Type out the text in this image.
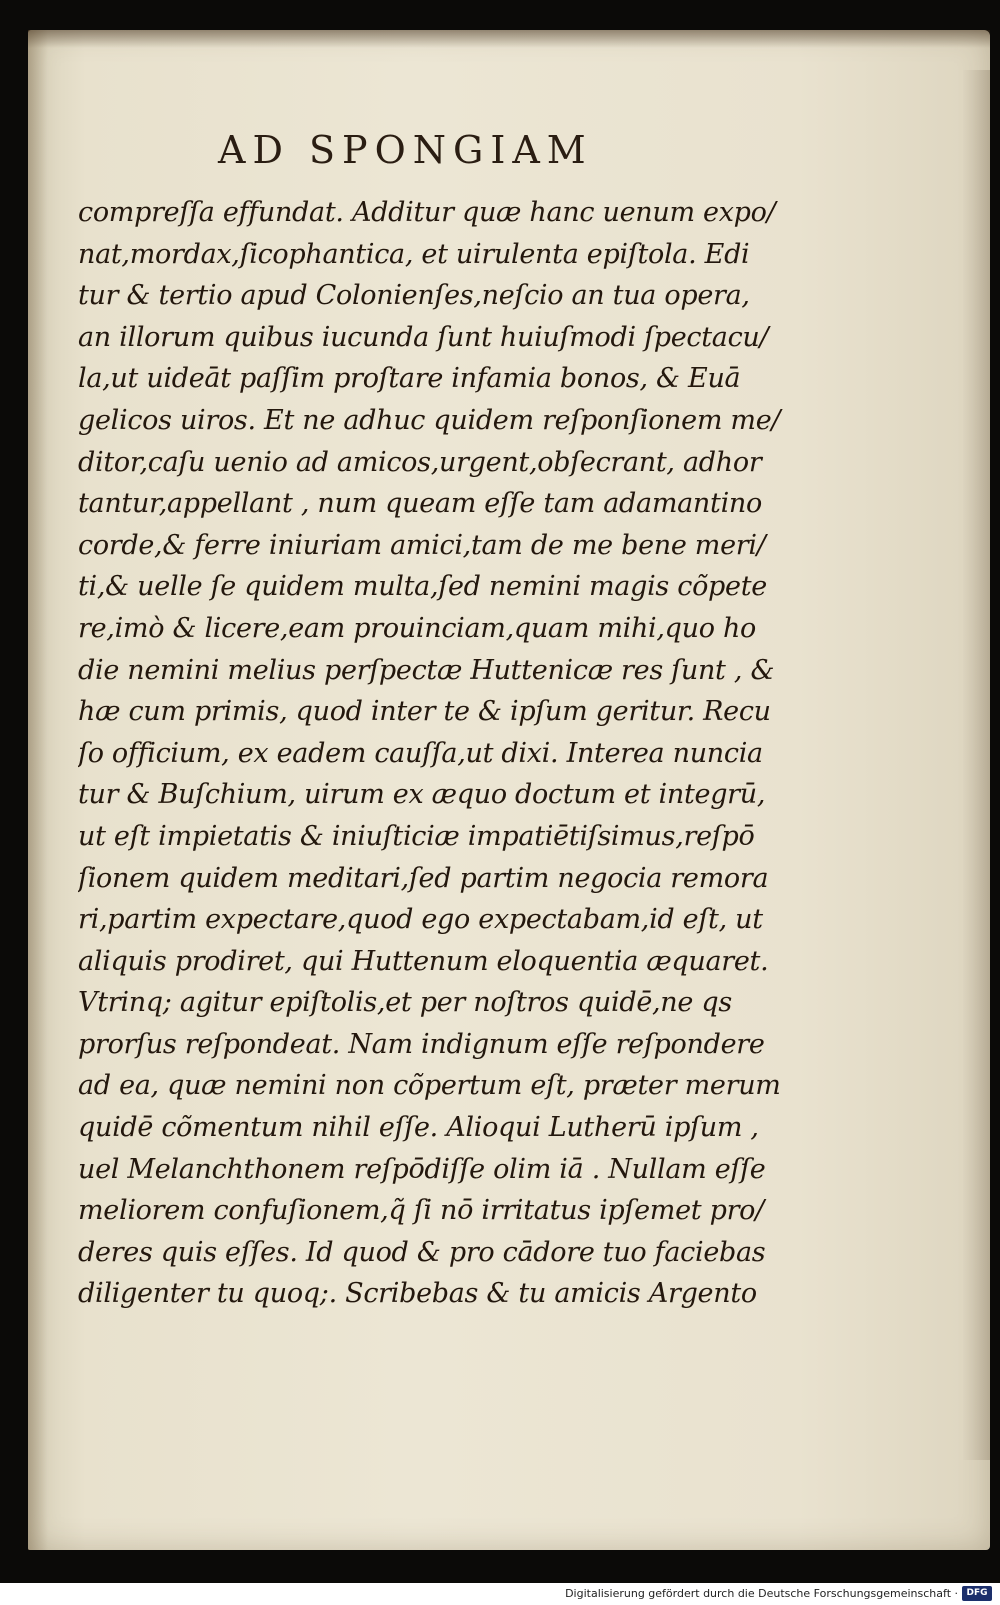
AD SPONGIAM
compreſſa effundat. Additur quæ hanc uenum expo/
nat,mordax,ſicophantica, et uirulenta epiſtola. Edi
tur & tertio apud Colonienſes,neſcio an tua opera,
an illorum quibus iucunda ſunt huiuſmodi ſpectacu/
la,ut uideāt paſſim proſtare infamia bonos, & Euā
gelicos uiros. Et ne adhuc quidem reſponſionem me/
ditor,caſu uenio ad amicos,urgent,obſecrant, adhor
tantur,appellant , num queam eſſe tam adamantino
corde,& ferre iniuriam amici,tam de me bene meri/
ti,& uelle ſe quidem multa,ſed nemini magis cõpete
re,imò & licere,eam prouinciam,quam mihi,quo ho
die nemini melius perſpectæ Huttenicæ res ſunt , &
hæ cum primis, quod inter te & ipſum geritur. Recu
ſo officium, ex eadem cauſſa,ut dixi. Interea nuncia
tur & Buſchium, uirum ex æquo doctum et integrū,
ut eſt impietatis & iniuſticiæ impatiētiſsimus,reſpō
ſionem quidem meditari,ſed partim negocia remora
ri,partim expectare,quod ego expectabam,id eſt, ut
aliquis prodiret, qui Huttenum eloquentia æquaret.
Vtrinq; agitur epiſtolis,et per noſtros quidē,ne qs
prorſus reſpondeat. Nam indignum eſſe reſpondere
ad ea, quæ nemini non cõpertum eſt, præter merum
quidē cõmentum nihil eſſe. Alioqui Lutherū ipſum ,
uel Melanchthonem reſpōdiſſe olim iā . Nullam eſſe
meliorem confuſionem,q̃ ſi nō irritatus ipſemet pro/
deres quis eſſes. Id quod & pro cādore tuo faciebas
diligenter tu quoq;. Scribebas & tu amicis Argento
Digitalisierung gefördert durch die Deutsche Forschungsgemeinschaft · DFG
